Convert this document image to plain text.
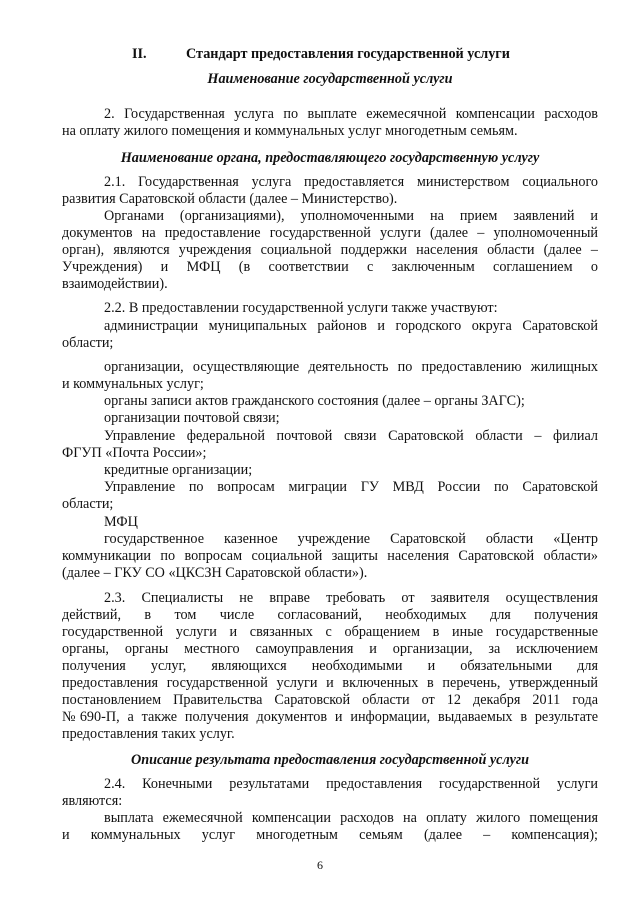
II.	Стандарт предоставления государственной услуги
Наименование государственной услуги
2. Государственная услуга по выплате ежемесячной компенсации расходов
на оплату жилого помещения и коммунальных услуг многодетным семьям.
Наименование органа, предоставляющего государственную услугу
2.1. Государственная услуга предоставляется министерством социального
развития Саратовской области (далее – Министерство).
Органами (организациями), уполномоченными на прием заявлений и
документов на предоставление государственной услуги (далее – уполномоченный
орган), являются учреждения социальной поддержки населения области (далее –
Учреждения) и МФЦ (в соответствии с заключенным соглашением о
взаимодействии).
2.2. В предоставлении государственной услуги также участвуют:
администрации муниципальных районов и городского округа Саратовской
области;
организации, осуществляющие деятельность по предоставлению жилищных
и коммунальных услуг;
органы записи актов гражданского состояния (далее – органы ЗАГС);
организации почтовой связи;
Управление федеральной почтовой связи Саратовской области – филиал
ФГУП «Почта России»;
кредитные организации;
Управление по вопросам миграции ГУ МВД России по Саратовской
области;
МФЦ
государственное казенное учреждение Саратовской области «Центр
коммуникации по вопросам социальной защиты населения Саратовской области»
(далее – ГКУ СО «ЦКСЗН Саратовской области»).
2.3. Специалисты не вправе требовать от заявителя осуществления
действий, в том числе согласований, необходимых для получения
государственной услуги и связанных с обращением в иные государственные
органы, органы местного самоуправления и организации, за исключением
получения услуг, являющихся необходимыми и обязательными для
предоставления государственной услуги и включенных в перечень, утвержденный
постановлением Правительства Саратовской области от 12 декабря 2011 года
№690-П, а также получения документов и информации, выдаваемых в результате
предоставления таких услуг.
Описание результата предоставления государственной услуги
2.4. Конечными результатами предоставления государственной услуги
являются:
выплата ежемесячной компенсации расходов на оплату жилого помещения
и коммунальных услуг многодетным семьям (далее – компенсация);
6
